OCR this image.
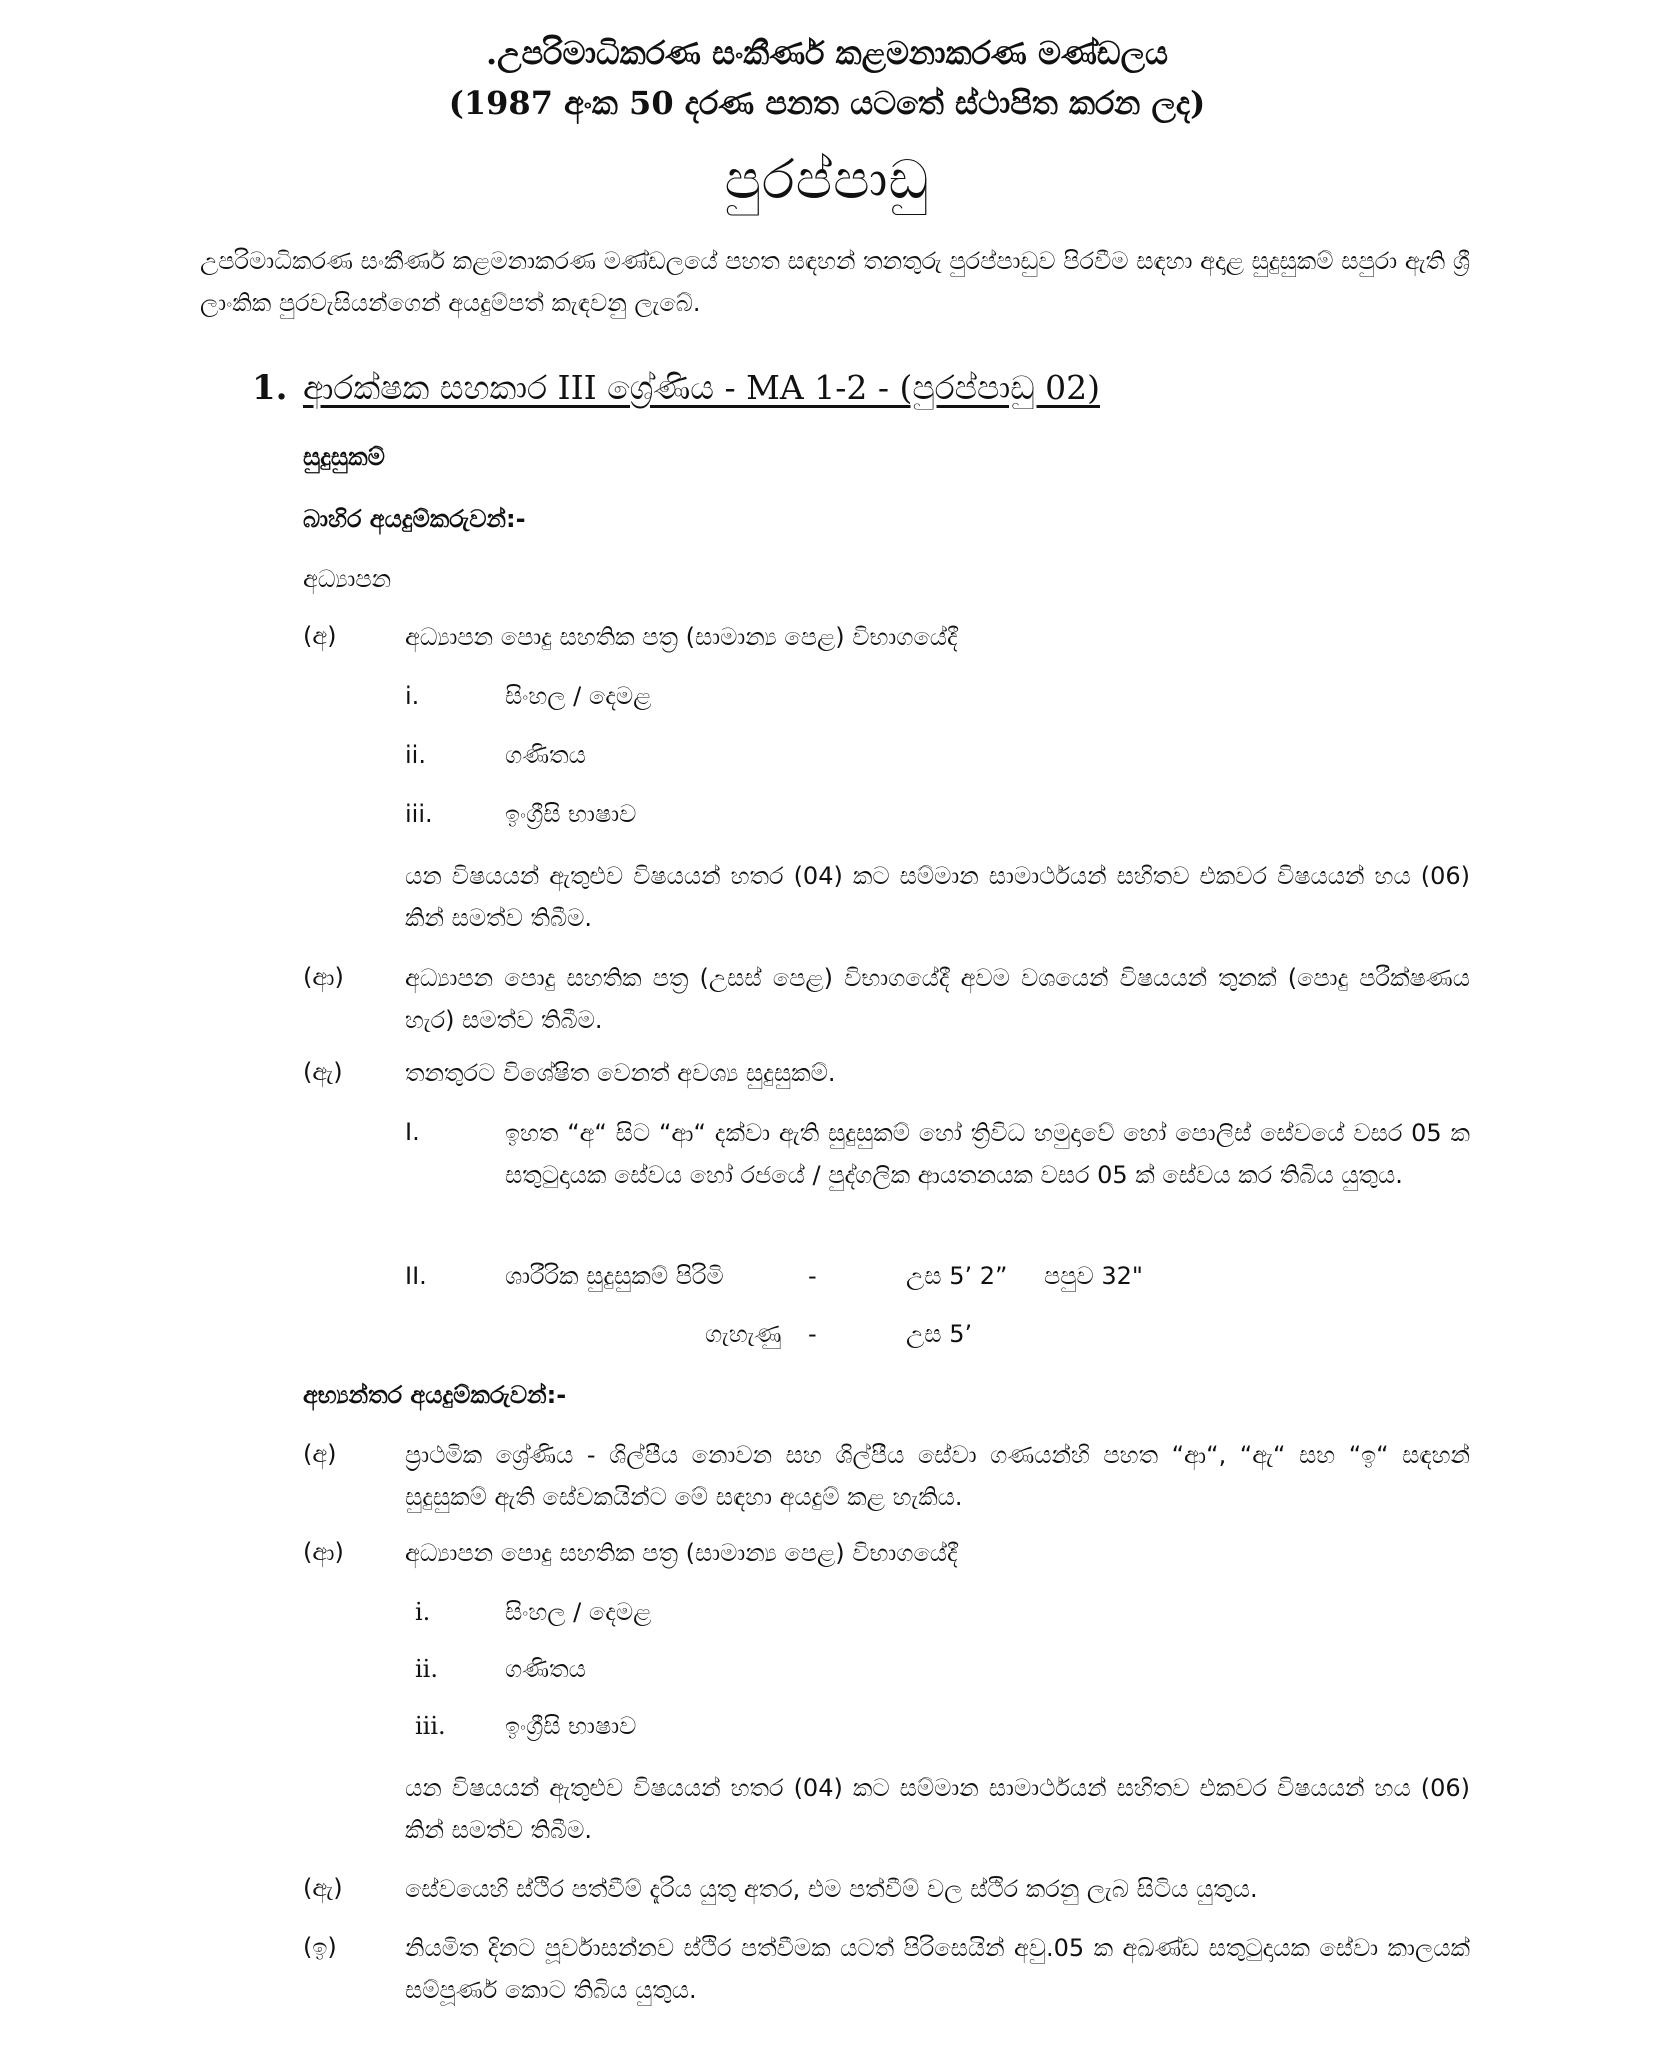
.උපරිමාධිකරණ සංකීර්ණ කළමනාකරණ මණ්ඩලය
(1987 අංක 50 දරණ පනත යටතේ ස්ථාපිත කරන ලද)
පුරප්පාඩු
උපරිමාධිකරණ සංකීර්ණ කළමනාකරණ මණ්ඩලයේ පහත සඳහන් තනතුරු පුරප්පාඩුව පිරවීම සඳහා අදාළ සුදුසුකම් සපුරා ඇති ශ්‍රී ලාංකික පුරවැසියන්ගෙන් අයදුම්පත් කැඳවනු ලැබේ.
1. ආරක්ෂක සහකාර III ශ්‍රේණිය - MA 1-2 - (පුරප්පාඩු 02)
සුදුසුකම්
බාහිර අයදුම්කරුවන්:-
අධ්‍යාපන
(අ)	අධ්‍යාපන පොදු සහතික පත්‍ර (සාමාන්‍ය පෙළ) විභාගයේදී
i.	සිංහල / දෙමළ
ii.	ගණිතය
iii.	ඉංග්‍රීසි භාෂාව
යන විෂයයන් ඇතුළුව විෂයයන් හතර (04) කට සම්මාන සාමාර්ථයන් සහිතව එකවර විෂයයන් හය (06) කින් සමත්ව තිබීම.
(ආ)	අධ්‍යාපන පොදු සහතික පත්‍ර (උසස් පෙළ) විභාගයේදී අවම වශයෙන් විෂයයන් තුනක් (පොදු පරීක්ෂණය හැර) සමත්ව තිබීම.
(ඇ)	තනතුරට විශේෂිත වෙනත් අවශ්‍ය සුදුසුකම්.
I.	ඉහත “අ“ සිට “ආ“ දක්වා ඇති සුදුසුකම් හෝ ත්‍රිවිධ හමුදාවේ හෝ පොලිස් සේවයේ වසර 05 ක සතුටුදායක සේවය හෝ රජයේ / පුද්ගලික ආයතනයක වසර 05 ක් සේවය කර තිබිය යුතුය.
II.	ශාරීරික සුදුසුකම් පිරිමි	-	උස 5’ 2” පපුව 32"
ගැහැණු -	උස 5’
අභ්‍යන්තර අයදුම්කරුවන්:-
(අ)	ප්‍රාථමික ශ්‍රේණිය - ශිල්පීය නොවන සහ ශිල්පීය සේවා ගණයන්හි පහත “ආ“, “ඇ“ සහ “ඉ“ සඳහන් සුදුසුකම් ඇති සේවකයින්ට මේ සඳහා අයදුම් කළ හැකිය.
(ආ)	අධ්‍යාපන පොදු සහතික පත්‍ර (සාමාන්‍ය පෙළ) විභාගයේදී
i.	සිංහල / දෙමළ
ii.	ගණිතය
iii. ඉංග්‍රීසි භාෂාව
යන විෂයයන් ඇතුළුව විෂයයන් හතර (04) කට සම්මාන සාමාර්ථයන් සහිතව එකවර විෂයයන් හය (06) කින් සමත්ව තිබීම.
(ඇ)	සේවයෙහි ස්ථිර පත්වීම් දැරිය යුතු අතර, එම පත්වීම් වල ස්ථිර කරනු ලැබ සිටිය යුතුය.
(ඉ)	නියමිත දිනට පූර්වාසන්නව ස්ථිර පත්වීමක යටත් පිරිසෙයින් අවු.05 ක අඛණ්ඩ සතුටුදායක සේවා කාලයක් සම්පූර්ණ කොට තිබිය යුතුය.
